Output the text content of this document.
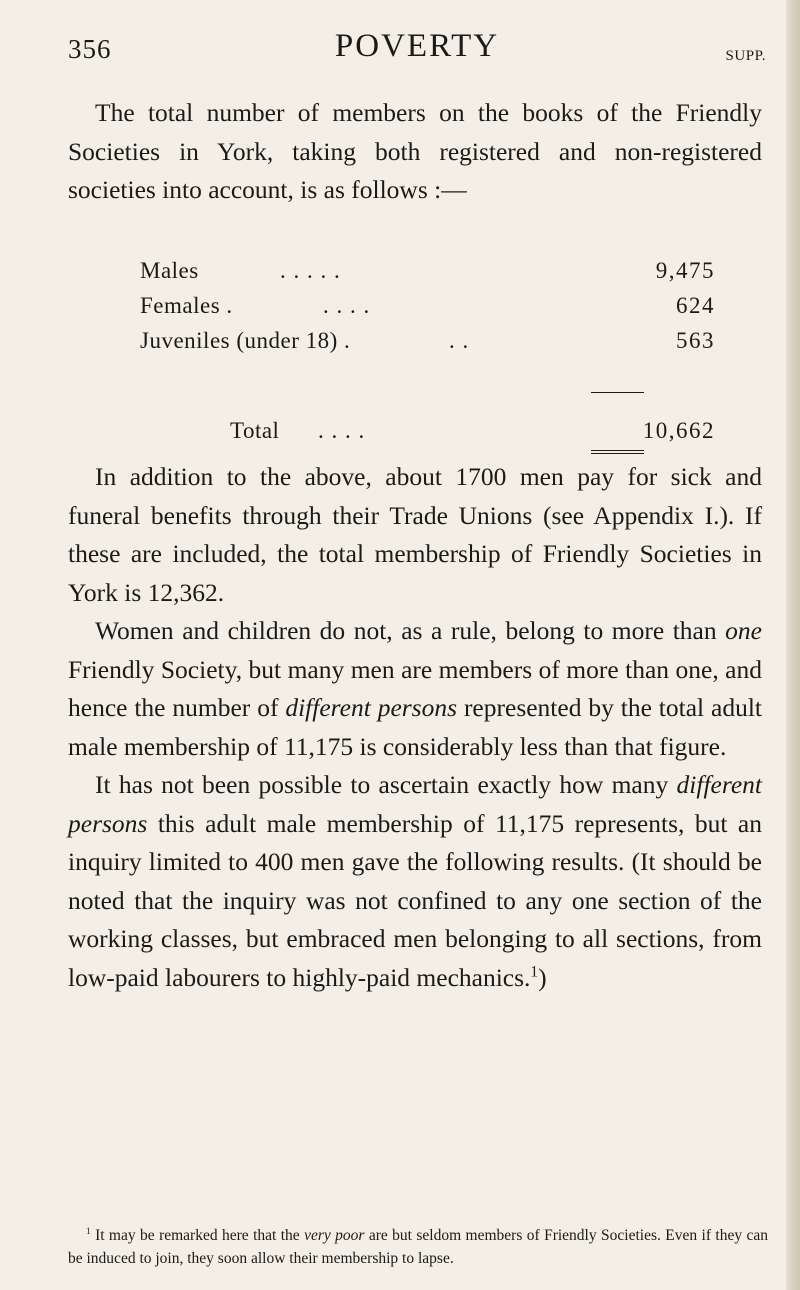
356	POVERTY	SUPP.

The total number of members on the books of the Friendly Societies in York, taking both registered and non-registered societies into account, is as follows :—

Males	. . . . .	9,475
Females .	. . . .	624
Juveniles (under 18) .	. .	563
Total . . . .	10,662

In addition to the above, about 1700 men pay for sick and funeral benefits through their Trade Unions (see Appendix I.). If these are included, the total membership of Friendly Societies in York is 12,362.

Women and children do not, as a rule, belong to more than one Friendly Society, but many men are members of more than one, and hence the number of different persons represented by the total adult male membership of 11,175 is considerably less than that figure.

It has not been possible to ascertain exactly how many different persons this adult male membership of 11,175 represents, but an inquiry limited to 400 men gave the following results. (It should be noted that the inquiry was not confined to any one section of the working classes, but embraced men belonging to all sections, from low-paid labourers to highly-paid mechanics.$^1$)

$^1$ It may be remarked here that the very poor are but seldom members of Friendly Societies. Even if they can be induced to join, they soon allow their membership to lapse.
